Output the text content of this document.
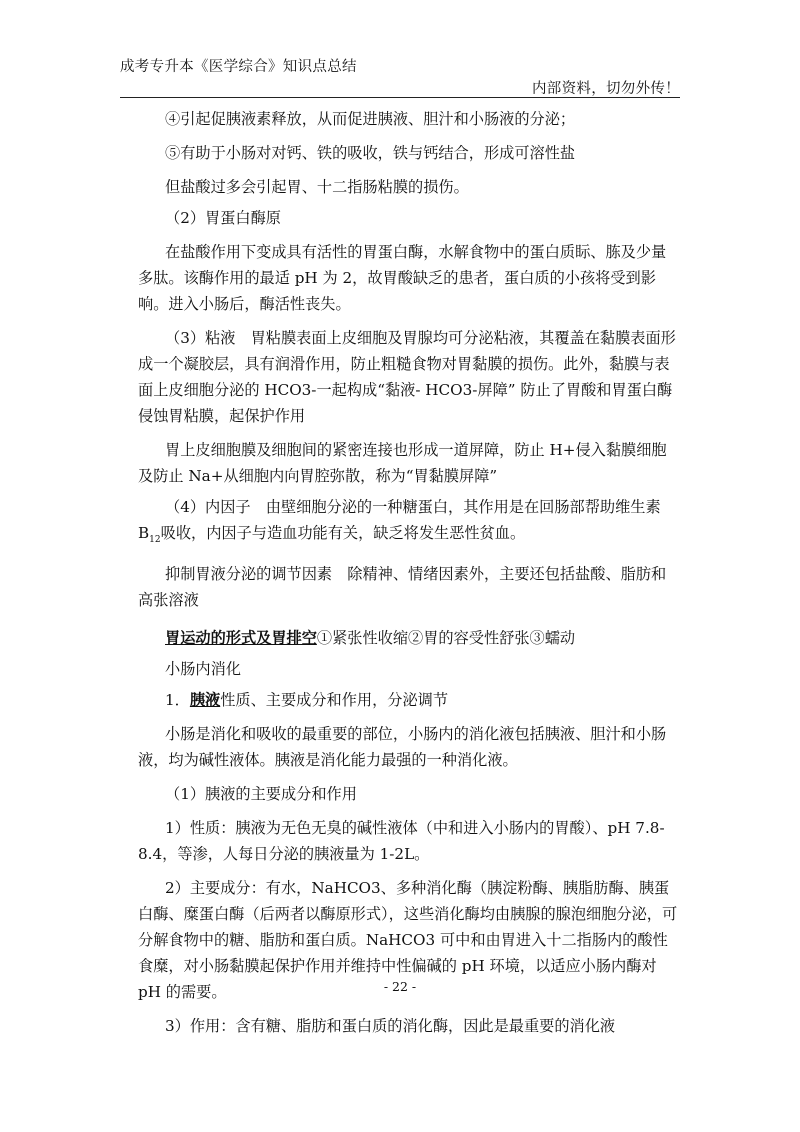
成考专升本《医学综合》知识点总结
内部资料，切勿外传！

④引起促胰液素释放，从而促进胰液、胆汁和小肠液的分泌；

⑤有助于小肠对对钙、铁的吸收，铁与钙结合，形成可溶性盐

但盐酸过多会引起胃、十二指肠粘膜的损伤。

（2）胃蛋白酶原

在盐酸作用下变成具有活性的胃蛋白酶，水解食物中的蛋白质眎、胨及少量多肽。该酶作用的最适 pH 为 2，故胃酸缺乏的患者，蛋白质的小孩将受到影响。进入小肠后，酶活性丧失。

（3）粘液　胃粘膜表面上皮细胞及胃腺均可分泌粘液，其覆盖在黏膜表面形成一个凝胶层，具有润滑作用，防止粗糙食物对胃黏膜的损伤。此外，黏膜与表面上皮细胞分泌的 HCO3-一起构成“黏液- HCO3-屏障” 防止了胃酸和胃蛋白酶侵蚀胃粘膜，起保护作用

胃上皮细胞膜及细胞间的紧密连接也形成一道屏障，防止 H+侵入黏膜细胞及防止 Na+从细胞内向胃腔弥散，称为“胃黏膜屏障”

（4）内因子　由壁细胞分泌的一种糖蛋白，其作用是在回肠部帮助维生素 $B_{12}$吸收，内因子与造血功能有关，缺乏将发生恶性贫血。

抑制胃液分泌的调节因素　除精神、情绪因素外，主要还包括盐酸、脂肪和高张溶液

胃运动的形式及胃排空①紧张性收缩②胃的容受性舒张③蠕动

小肠内消化

1．胰液性质、主要成分和作用，分泌调节

小肠是消化和吸收的最重要的部位，小肠内的消化液包括胰液、胆汁和小肠液，均为碱性液体。胰液是消化能力最强的一种消化液。

（1）胰液的主要成分和作用

1）性质：胰液为无色无臭的碱性液体（中和进入小肠内的胃酸）、pH 7.8-8.4，等渗，人每日分泌的胰液量为 1-2L。

2）主要成分：有水，NaHCO3、多种消化酶（胰淀粉酶、胰脂肪酶、胰蛋白酶、糜蛋白酶（后两者以酶原形式），这些消化酶均由胰腺的腺泡细胞分泌，可分解食物中的糖、脂肪和蛋白质。NaHCO3 可中和由胃进入十二指肠内的酸性食糜，对小肠黏膜起保护作用并维持中性偏碱的 pH 环境，以适应小肠内酶对 pH 的需要。

3）作用：含有糖、脂肪和蛋白质的消化酶，因此是最重要的消化液

- 22 -
